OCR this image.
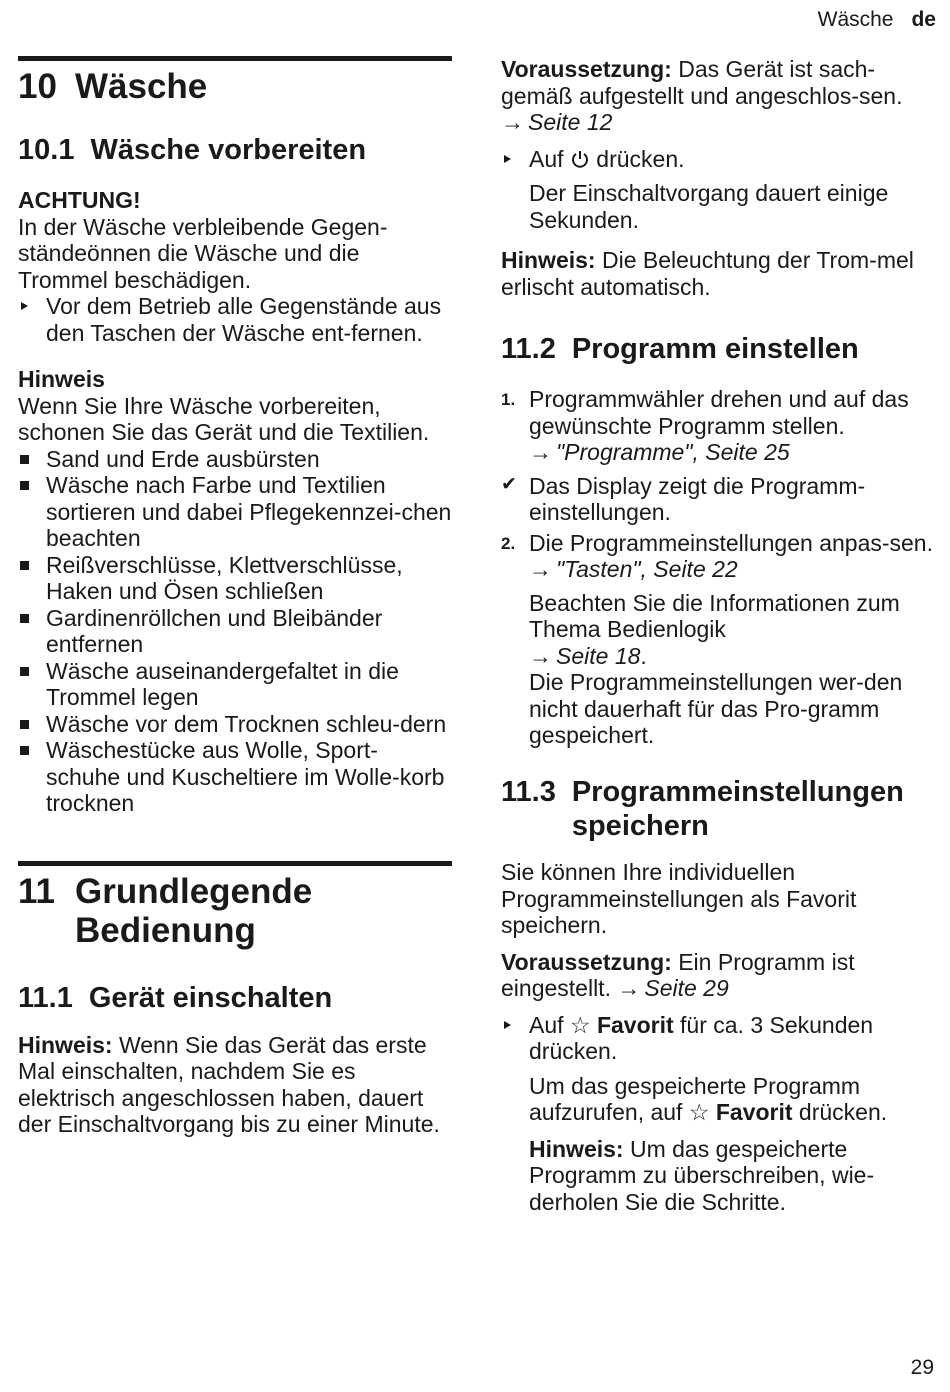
Wäsche de
10 Wäsche
10.1 Wäsche vorbereiten

ACHTUNG!

In der Wäsche verbleibende Gegen-ständeönnen die Wäsche und die Trommel beschädigen.

Vor dem Betrieb alle Gegenstände aus den Taschen der Wäsche ent-fernen.

Hinweis

Wenn Sie Ihre Wäsche vorbereiten, schonen Sie das Gerät und die Textilien.

Sand und Erde ausbürsten
Wäsche nach Farbe und Textilien sortieren und dabei Pflegekennzei-chen beachten
Reißverschlüsse, Klettverschlüsse, Haken und Ösen schließen
Gardinenröllchen und Bleibänder entfernen
Wäsche auseinandergefaltet in die Trommel legen
Wäsche vor dem Trocknen schleu-dern
Wäschestücke aus Wolle, Sport-schuhe und Kuscheltiere im Wolle-korb trocknen
11 Grundlegende Bedienung
11.1 Gerät einschalten

Hinweis: Wenn Sie das Gerät das erste Mal einschalten, nachdem Sie es elektrisch angeschlossen haben, dauert der Einschaltvorgang bis zu einer Minute.

Voraussetzung: Das Gerät ist sach-gemäß aufgestellt und angeschlos-sen. → Seite 12

Auf  drücken.

Der Einschaltvorgang dauert einige Sekunden.

Hinweis: Die Beleuchtung der Trom-mel erlischt automatisch.

11.2 Programm einstellen
1. Programmwähler drehen und auf das gewünschte Programm stellen.
→ "Programme", Seite 25
✔ Das Display zeigt die Programm-einstellungen.

2. Die Programmeinstellungen anpas-sen.
→ "Tasten", Seite 22

Beachten Sie die Informationen zum Thema Bedienlogik
→ Seite 18.

Die Programmeinstellungen wer-den nicht dauerhaft für das Pro-gramm gespeichert.

11.3 Programmeinstellungen speichern

Sie können Ihre individuellen Programmeinstellungen als Favorit speichern.

Voraussetzung: Ein Programm ist eingestellt. → Seite 29

Auf ☆ Favorit für ca. 3 Sekunden drücken.

Um das gespeicherte Programm aufzurufen, auf ☆ Favorit drücken.

Hinweis: Um das gespeicherte Programm zu überschreiben, wie-derholen Sie die Schritte.

29
